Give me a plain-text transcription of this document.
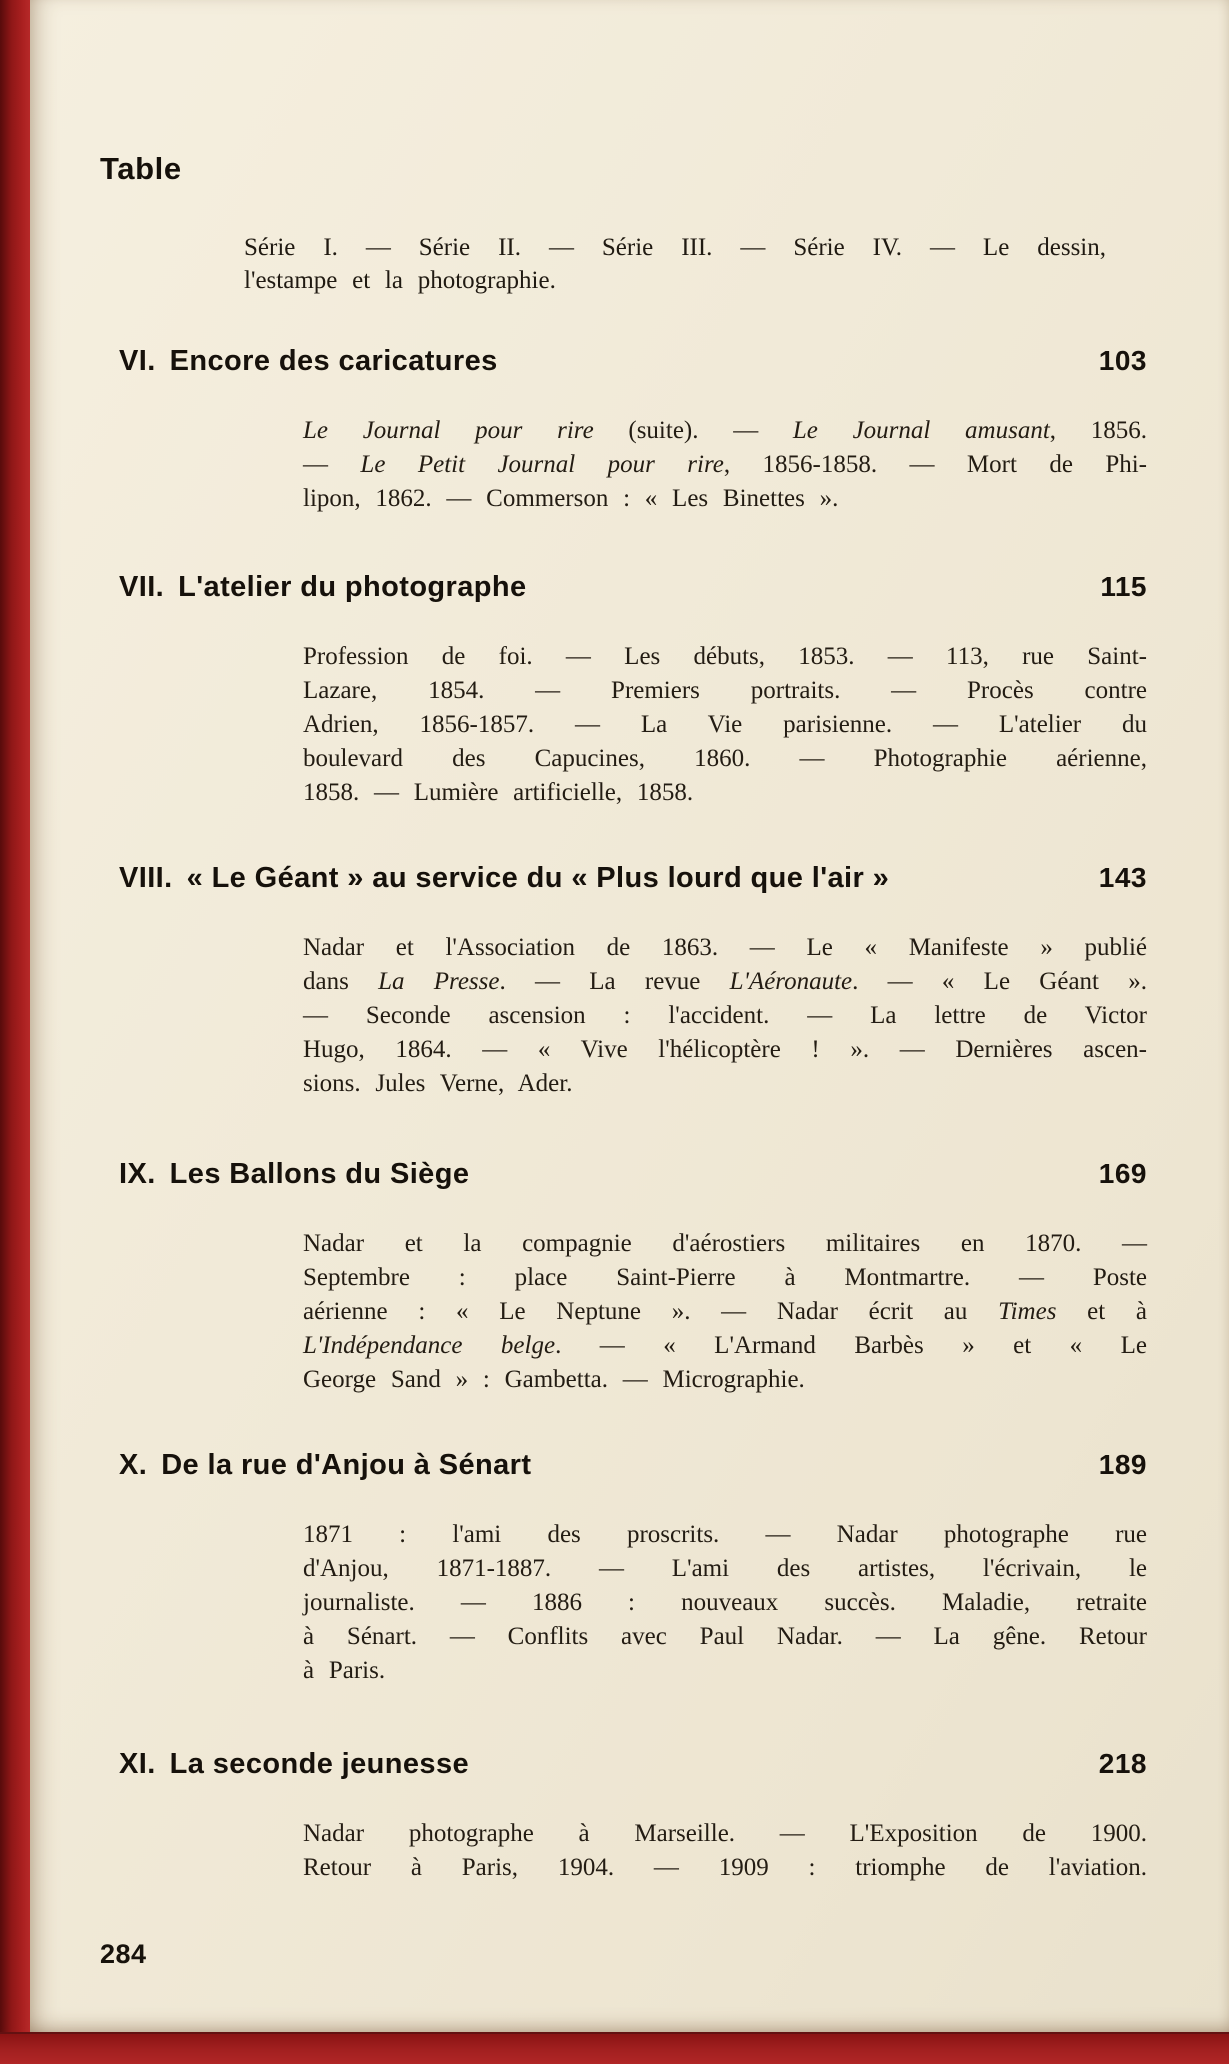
Table
Série I. — Série II. — Série III. — Série IV. — Le dessin,
l'estampe et la photographie.
VI. Encore des caricatures	103
Le Journal pour rire (suite). — Le Journal amusant, 1856.
— Le Petit Journal pour rire, 1856-1858. — Mort de Phi-
lipon, 1862. — Commerson : « Les Binettes ».
VII. L'atelier du photographe	115
Profession de foi. — Les débuts, 1853. — 113, rue Saint-
Lazare, 1854. — Premiers portraits. — Procès contre
Adrien, 1856-1857. — La Vie parisienne. — L'atelier du
boulevard des Capucines, 1860. — Photographie aérienne,
1858. — Lumière artificielle, 1858.
VIII. « Le Géant » au service du « Plus lourd que l'air »	143
Nadar et l'Association de 1863. — Le « Manifeste » publié
dans La Presse. — La revue L'Aéronaute. — « Le Géant ».
— Seconde ascension : l'accident. — La lettre de Victor
Hugo, 1864. — « Vive l'hélicoptère ! ». — Dernières ascen-
sions. Jules Verne, Ader.
IX. Les Ballons du Siège	169
Nadar et la compagnie d'aérostiers militaires en 1870. —
Septembre : place Saint-Pierre à Montmartre. — Poste
aérienne : « Le Neptune ». — Nadar écrit au Times et à
L'Indépendance belge. — « L'Armand Barbès » et « Le
George Sand » : Gambetta. — Micrographie.
X. De la rue d'Anjou à Sénart	189
1871 : l'ami des proscrits. — Nadar photographe rue
d'Anjou, 1871-1887. — L'ami des artistes, l'écrivain, le
journaliste. — 1886 : nouveaux succès. Maladie, retraite
à Sénart. — Conflits avec Paul Nadar. — La gêne. Retour
à Paris.
XI. La seconde jeunesse	218
Nadar photographe à Marseille. — L'Exposition de 1900.
Retour à Paris, 1904. — 1909 : triomphe de l'aviation.
284
